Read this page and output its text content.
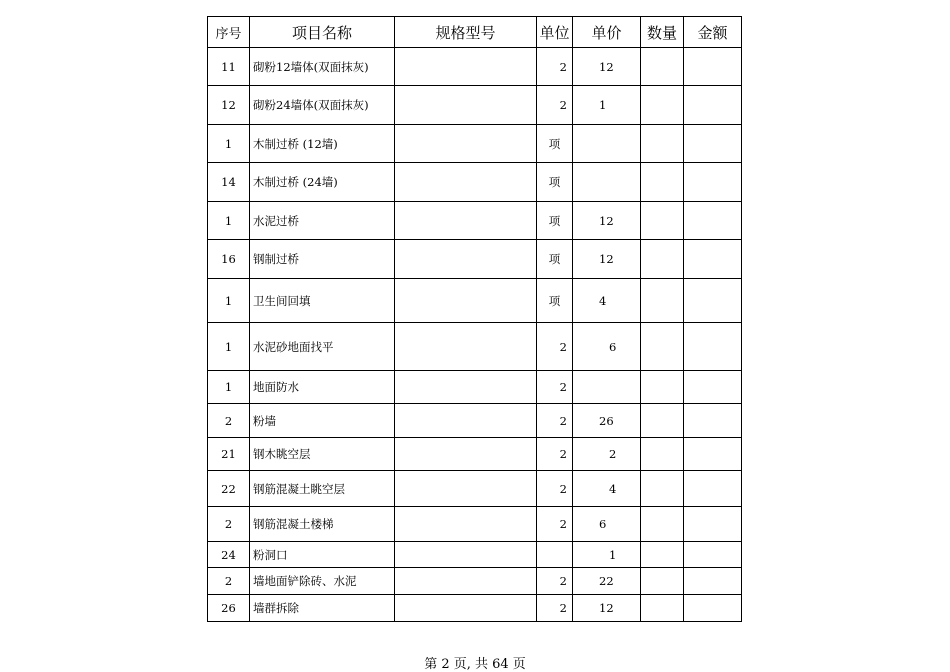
序号	项目名称	规格型号	单位	单价	数量	金额
11	砌粉12墙体(双面抹灰)		2	12		
12	砌粉24墙体(双面抹灰)		2	1		
1	木制过桥 (12墙)		项			
14	木制过桥 (24墙)		项			
1	水泥过桥		项	12		
16	钢制过桥		项	12		
1	卫生间回填		项	4		
1	水泥砂地面找平		2	6		
1	地面防水		2			
2	粉墙		2	26		
21	钢木眺空层		2	2		
22	钢筋混凝土眺空层		2	4		
2	钢筋混凝土楼梯		2	6		
24	粉洞口			1		
2	墙地面铲除砖、水泥		2	22		
26	墙群拆除		2	12		
第 2 页, 共 64 页
